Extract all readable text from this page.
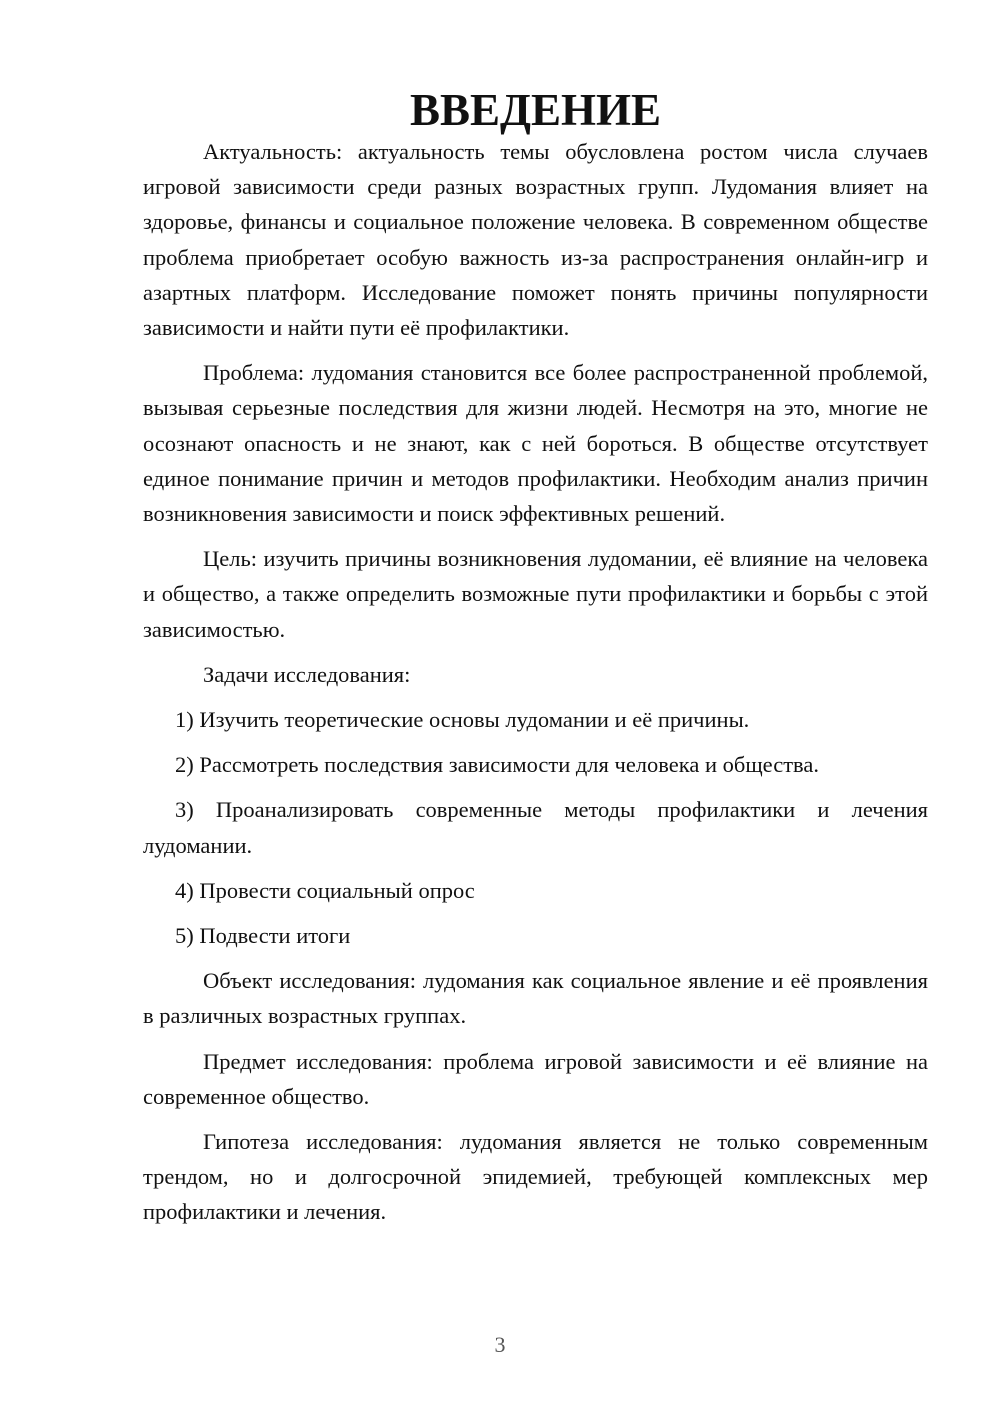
ВВЕДЕНИЕ

Актуальность: актуальность темы обусловлена ростом числа случаев игровой зависимости среди разных возрастных групп. Лудомания влияет на здоровье, финансы и социальное положение человека. В современном обществе проблема приобретает особую важность из-за распространения онлайн-игр и азартных платформ. Исследование поможет понять причины популярности зависимости и найти пути её профилактики.

Проблема: лудомания становится все более распространенной проблемой, вызывая серьезные последствия для жизни людей. Несмотря на это, многие не осознают опасность и не знают, как с ней бороться. В обществе отсутствует единое понимание причин и методов профилактики. Необходим анализ причин возникновения зависимости и поиск эффективных решений.

Цель: изучить причины возникновения лудомании, её влияние на человека и общество, а также определить возможные пути профилактики и борьбы с этой зависимостью.

Задачи исследования:

1) Изучить теоретические основы лудомании и её причины.

2) Рассмотреть последствия зависимости для человека и общества.

3) Проанализировать современные методы профилактики и лечения лудомании.

4) Провести социальный опрос

5) Подвести итоги

Объект исследования: лудомания как социальное явление и её проявления в различных возрастных группах.

Предмет исследования: проблема игровой зависимости и её влияние на современное общество.

Гипотеза исследования: лудомания является не только современным трендом, но и долгосрочной эпидемией, требующей комплексных мер профилактики и лечения.

3
